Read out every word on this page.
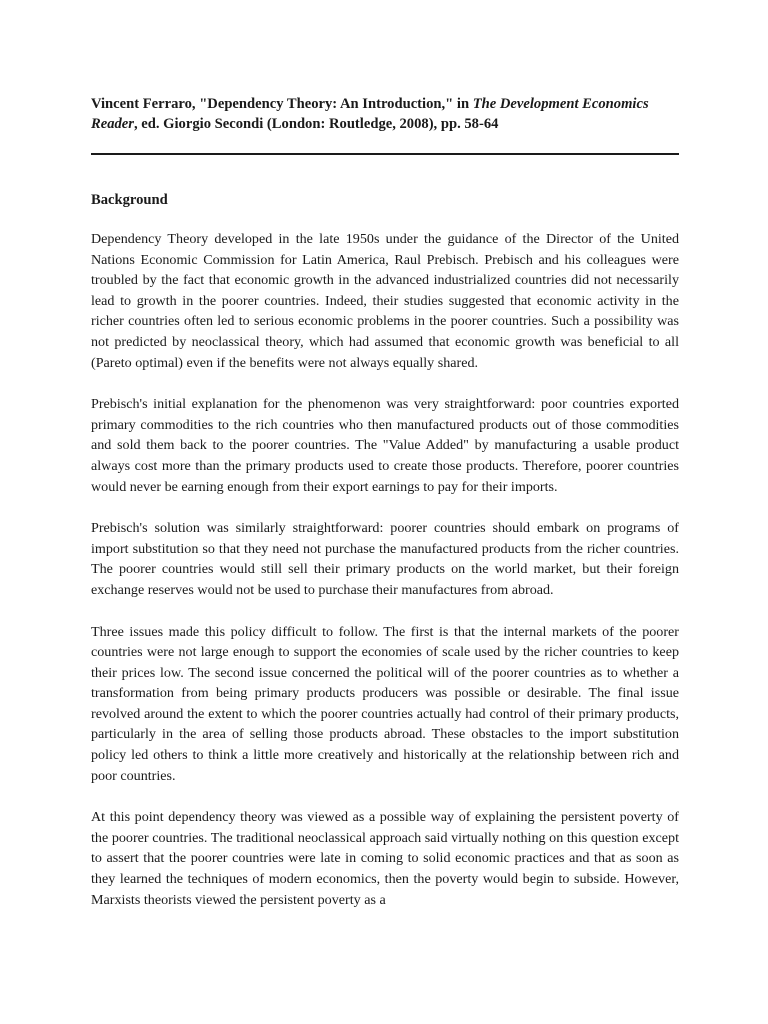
Vincent Ferraro, "Dependency Theory: An Introduction," in The Development Economics Reader, ed. Giorgio Secondi (London: Routledge, 2008), pp. 58-64

Background

Dependency Theory developed in the late 1950s under the guidance of the Director of the United Nations Economic Commission for Latin America, Raul Prebisch. Prebisch and his colleagues were troubled by the fact that economic growth in the advanced industrialized countries did not necessarily lead to growth in the poorer countries. Indeed, their studies suggested that economic activity in the richer countries often led to serious economic problems in the poorer countries. Such a possibility was not predicted by neoclassical theory, which had assumed that economic growth was beneficial to all (Pareto optimal) even if the benefits were not always equally shared.

Prebisch's initial explanation for the phenomenon was very straightforward: poor countries exported primary commodities to the rich countries who then manufactured products out of those commodities and sold them back to the poorer countries. The "Value Added" by manufacturing a usable product always cost more than the primary products used to create those products. Therefore, poorer countries would never be earning enough from their export earnings to pay for their imports.

Prebisch's solution was similarly straightforward: poorer countries should embark on programs of import substitution so that they need not purchase the manufactured products from the richer countries. The poorer countries would still sell their primary products on the world market, but their foreign exchange reserves would not be used to purchase their manufactures from abroad.

Three issues made this policy difficult to follow. The first is that the internal markets of the poorer countries were not large enough to support the economies of scale used by the richer countries to keep their prices low. The second issue concerned the political will of the poorer countries as to whether a transformation from being primary products producers was possible or desirable. The final issue revolved around the extent to which the poorer countries actually had control of their primary products, particularly in the area of selling those products abroad. These obstacles to the import substitution policy led others to think a little more creatively and historically at the relationship between rich and poor countries.

At this point dependency theory was viewed as a possible way of explaining the persistent poverty of the poorer countries. The traditional neoclassical approach said virtually nothing on this question except to assert that the poorer countries were late in coming to solid economic practices and that as soon as they learned the techniques of modern economics, then the poverty would begin to subside. However, Marxists theorists viewed the persistent poverty as a
